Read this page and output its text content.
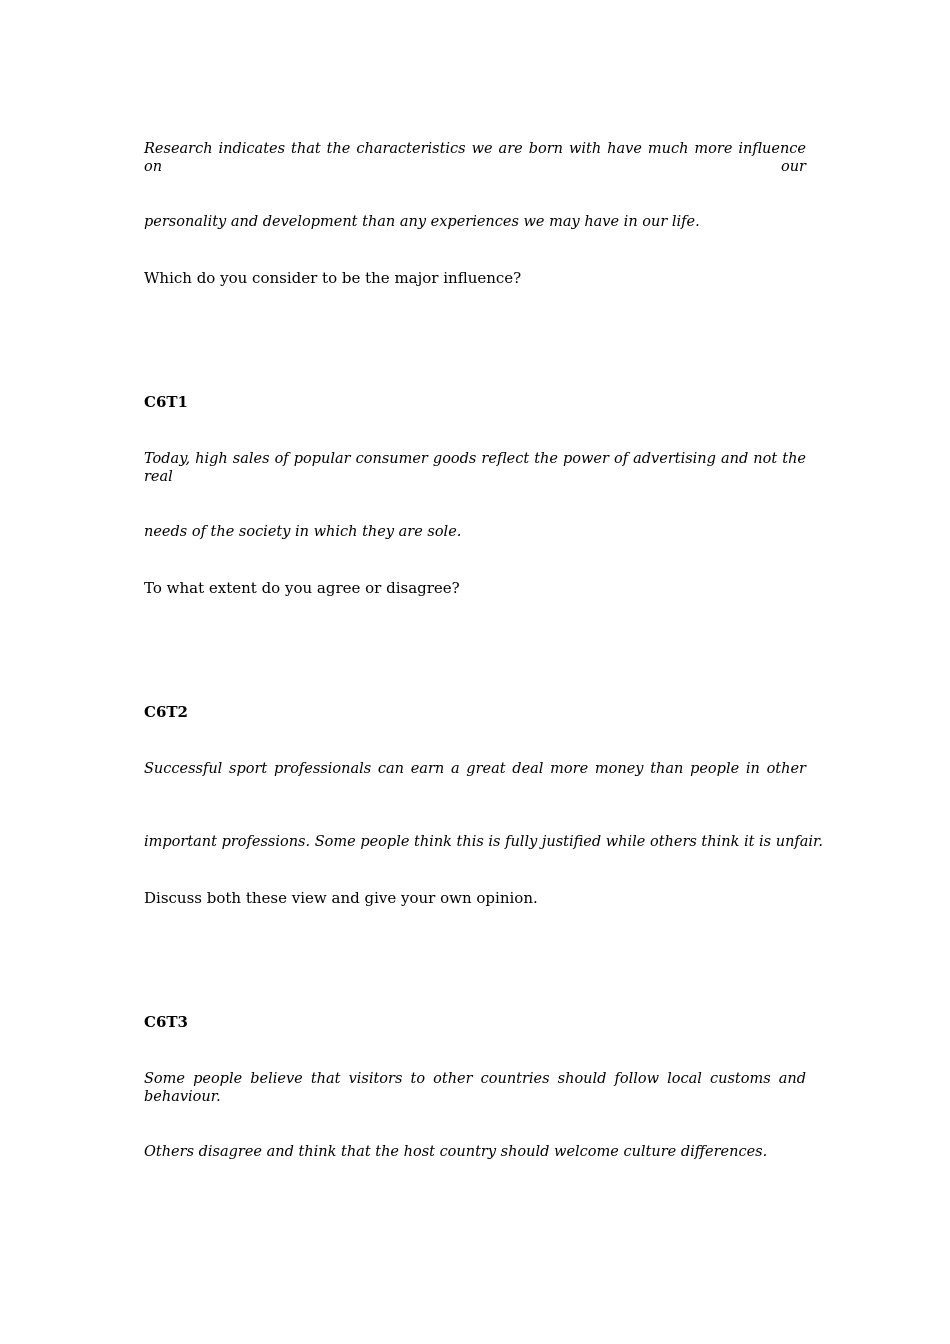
Research indicates that the characteristics we are born with have much more influence on our

personality and development than any experiences we may have in our life.

Which do you consider to be the major influence?

C6T1

Today, high sales of popular consumer goods reflect the power of advertising and not the real

needs of the society in which they are sole.

To what extent do you agree or disagree?

C6T2

Successful sport professionals can earn a great deal more money than people in other

important professions. Some people think this is fully justified while others think it is unfair.

Discuss both these view and give your own opinion.

C6T3

Some people believe that visitors to other countries should follow local customs and behaviour.

Others disagree and think that the host country should welcome culture differences.
